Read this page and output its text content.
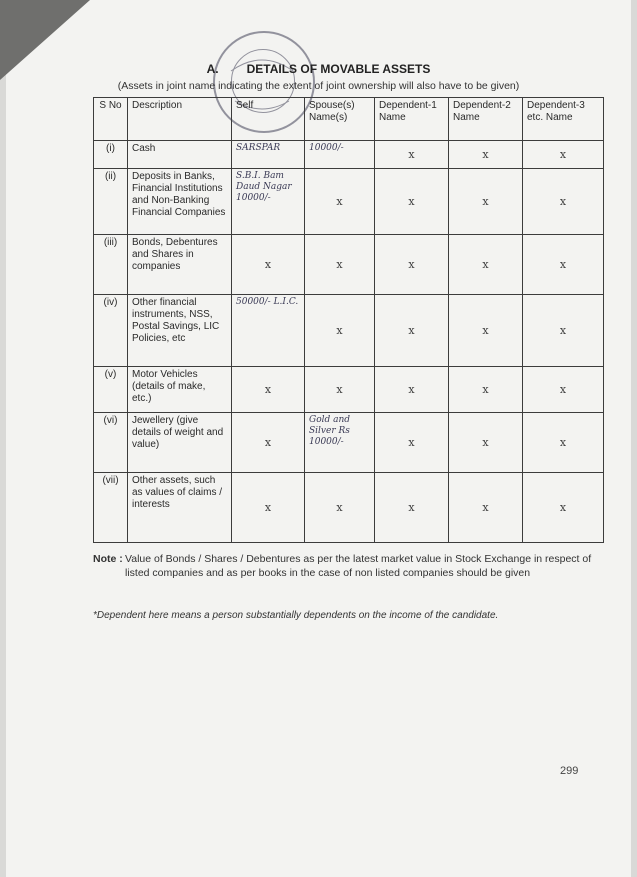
A. DETAILS OF MOVABLE ASSETS
(Assets in joint name indicating the extent of joint ownership will also have to be given)
S No	Description	Self	Spouse(s) Name(s)	Dependent-1 Name	Dependent-2 Name	Dependent-3 etc. Name
(i)	Cash	SARSPAR	10000/-	x	x	x
(ii)	Deposits in Banks, Financial Institutions and Non-Banking Financial Companies	S.B.I. Bam Daud Nagar 10000/-	x	x	x	x
(iii)	Bonds, Debentures and Shares in companies	x	x	x	x	x
(iv)	Other financial instruments, NSS, Postal Savings, LIC Policies, etc	50000/- L.I.C.	x	x	x	x
(v)	Motor Vehicles (details of make, etc.)	x	x	x	x	x
(vi)	Jewellery (give details of weight and value)	x	Gold and Silver Rs 10000/-	x	x	x
(vii)	Other assets, such as values of claims / interests	x	x	x	x	x
Note : Value of Bonds / Shares / Debentures as per the latest market value in Stock Exchange in respect of listed companies and as per books in the case of non listed companies should be given
*Dependent here means a person substantially dependents on the income of the candidate.
299
